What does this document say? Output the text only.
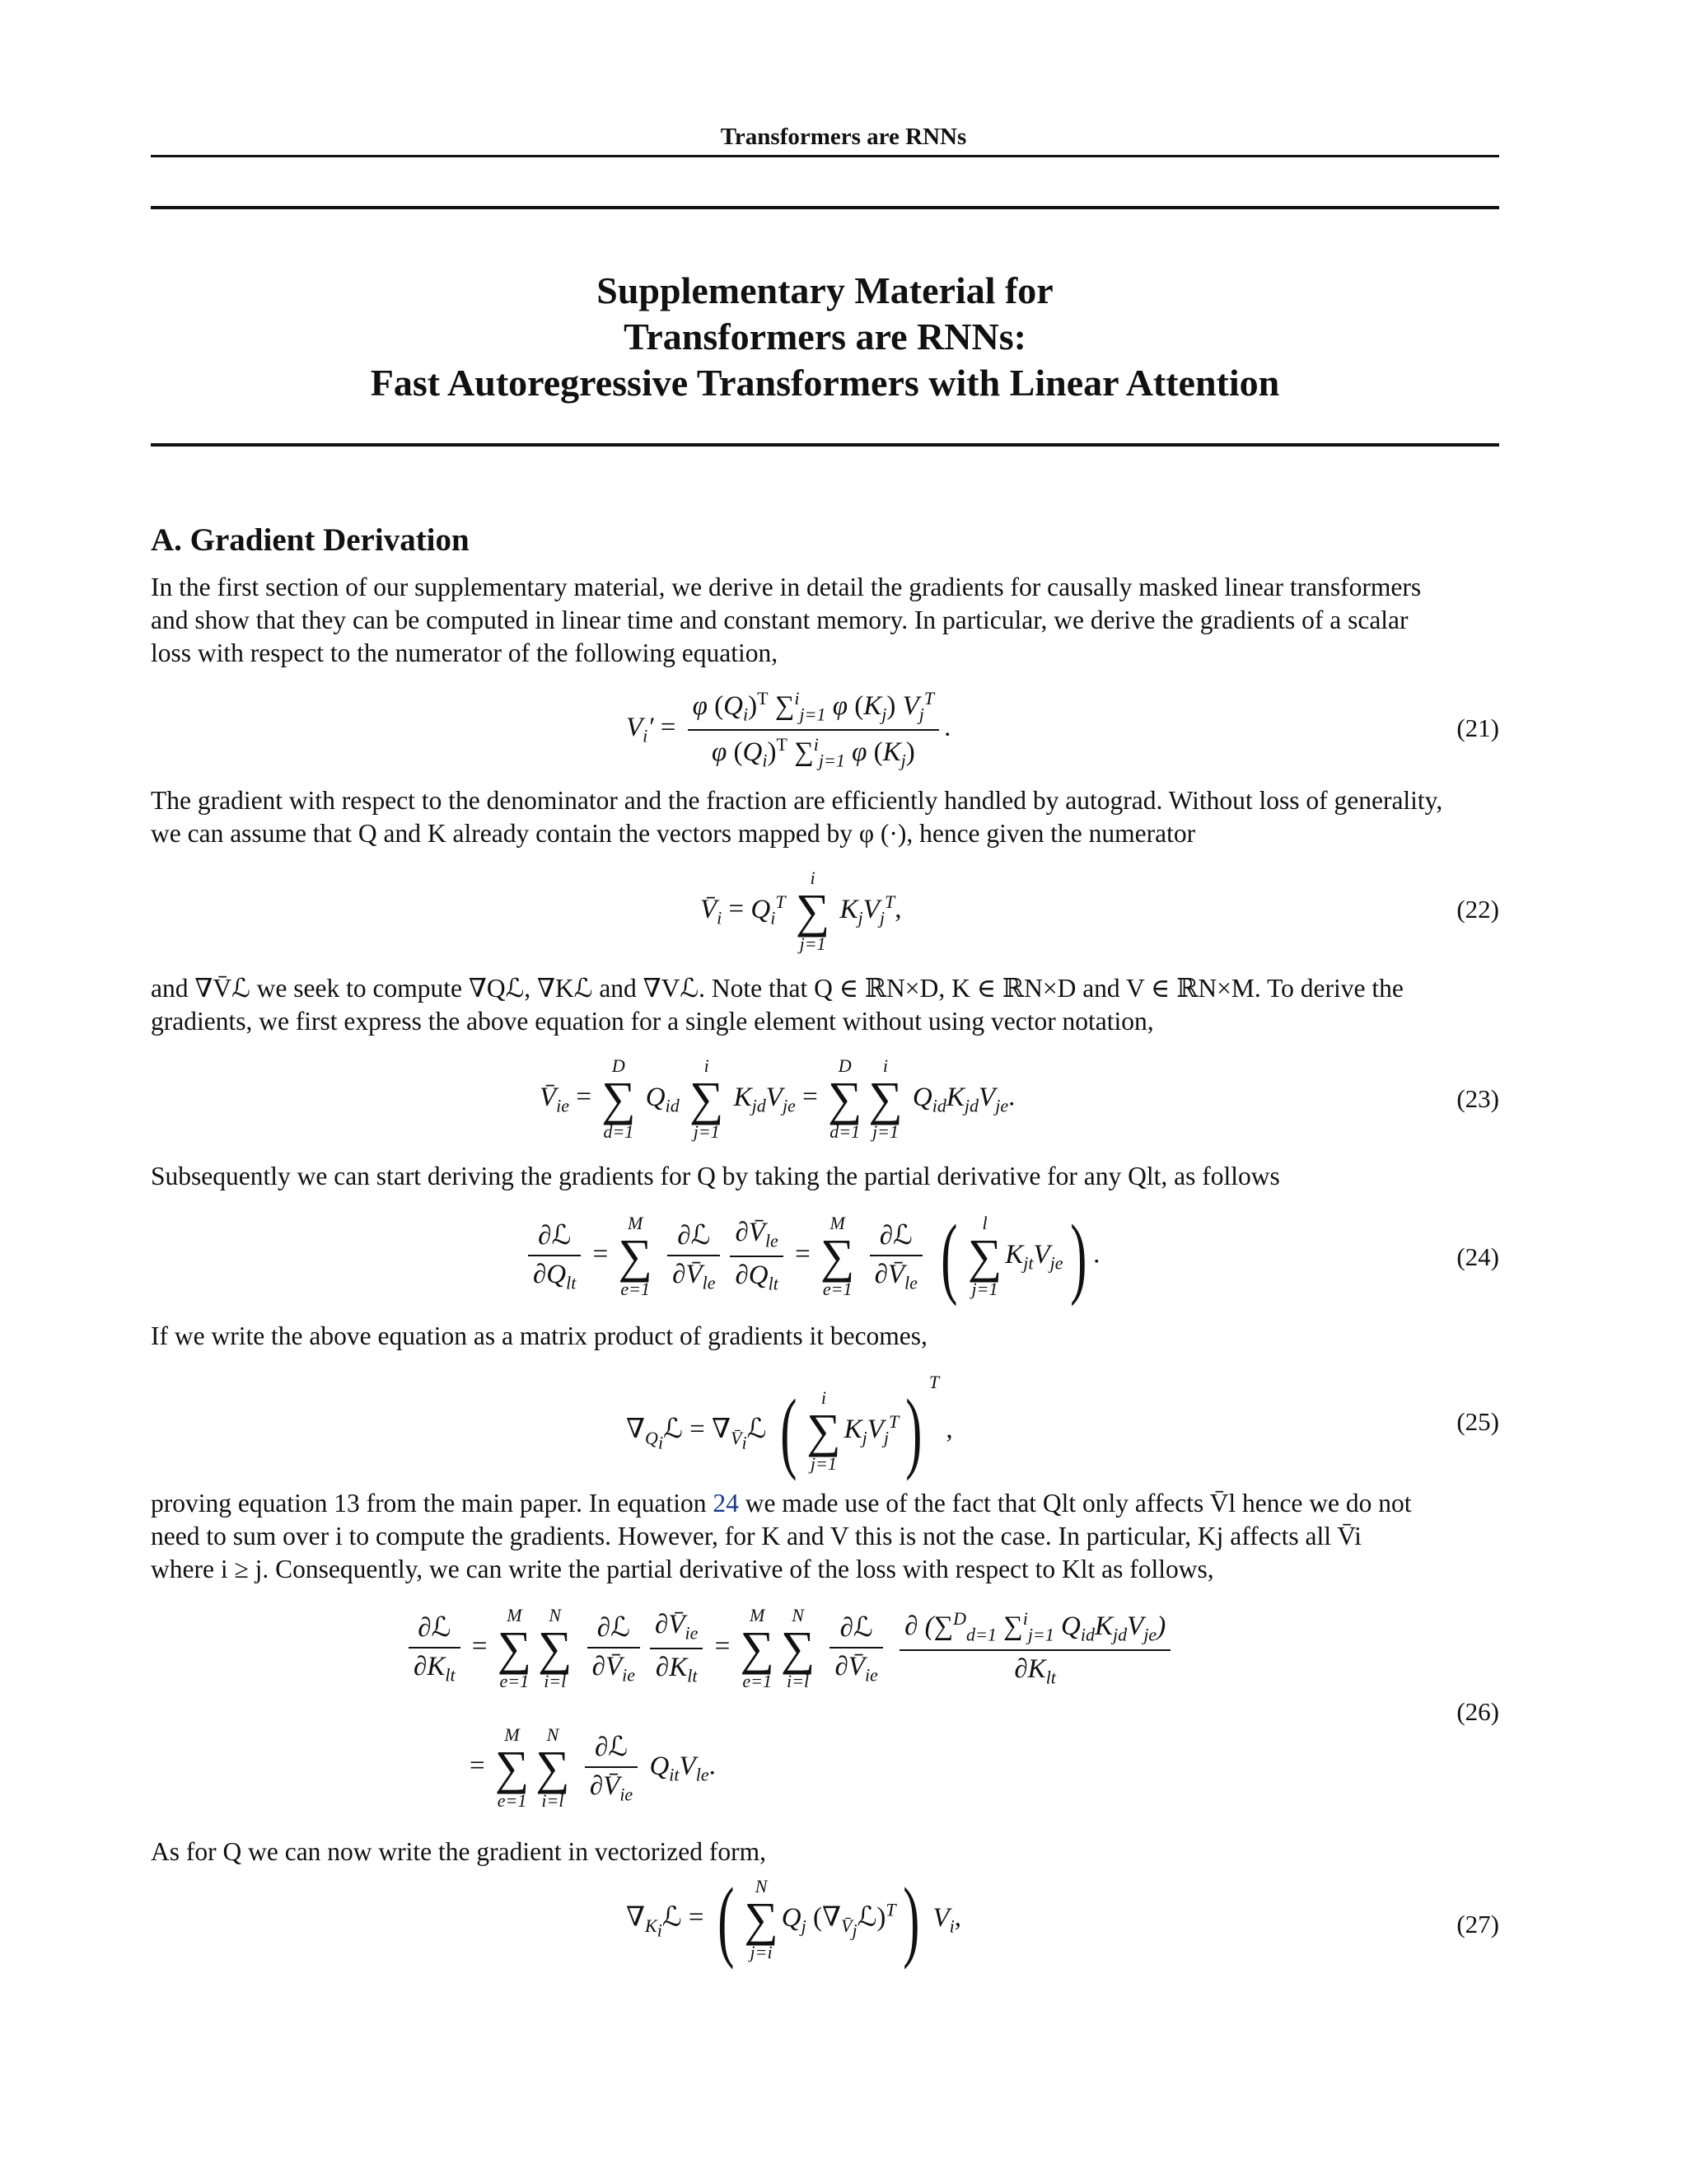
Transformers are RNNs
Supplementary Material for
Transformers are RNNs:
Fast Autoregressive Transformers with Linear Attention
A. Gradient Derivation
In the first section of our supplementary material, we derive in detail the gradients for causally masked linear transformers
and show that they can be computed in linear time and constant memory. In particular, we derive the gradients of a scalar
loss with respect to the numerator of the following equation,
$V_i' = \frac{\varphi (Q_i)^T \sum^i_{j=1} \varphi (K_j) V_j^T}{\varphi (Q_i)^T \sum^i_{j=1} \varphi (K_j)}$ .	(21)
The gradient with respect to the denominator and the fraction are efficiently handled by autograd. Without loss of generality,
we can assume that Q and K already contain the vectors mapped by φ (·), hence given the numerator
$V̄_i = Q_i^T$
i
∑
j=1
$K_jV_j^T$,	(22)
and ∇V̄ℒ we seek to compute ∇Qℒ, ∇Kℒ and ∇Vℒ. Note that Q ∈ ℝN×D, K ∈ ℝN×D and V ∈ ℝN×M. To derive the
gradients, we first express the above equation for a single element without using vector notation,
$V̄_{ie}$ =
D
∑
d=1
$Q_{id}$
i
∑
j=1
$K_{jd}V_{je}$ =
D
∑
d=1
i
∑
j=1
$Q_{id}K_{jd}V_{je}$.	(23)
Subsequently we can start deriving the gradients for Q by taking the partial derivative for any Qlt, as follows
$\frac{\text{∂ℒ}}{\partial Q_{lt}}$ =
M
∑
e=1
$\frac{\text{∂ℒ}}{\partial V̄_{le}} \frac{\partial V̄_{le}}{\partial Q_{lt}}$ =
M
∑
e=1
$\frac{\text{∂ℒ}}{\partial V̄_{le}}$ (	l
∑
j=1
$K_{jt}V_{je}$) .	(24)
If we write the above equation as a matrix product of gradients it becomes,
$\nabla_{Q_i}ℒ$ = $\nabla_{V̄_i}ℒ$ (	i
∑
j=1
$K_jV_j^T$) $^T$ ,	(25)
proving equation 13 from the main paper. In equation 24 we made use of the fact that Qlt only affects V̄l hence we do not
need to sum over i to compute the gradients. However, for K and V this is not the case. In particular, Kj affects all V̄i
where i ≥ j. Consequently, we can write the partial derivative of the loss with respect to Klt as follows,
$\frac{\text{∂ℒ}}{\partial K_{lt}}$ =
M
∑
e=1
N
∑
i=l
$\frac{\text{∂ℒ}}{\partial V̄_{ie}} \frac{\partial V̄_{ie}}{\partial K_{lt}}$ =
M
∑
e=1
N
∑
i=l
$\frac{\text{∂ℒ}}{\partial V̄_{ie}}$
$\frac{\partial (\sum^D_{d=1} \sum^i_{j=1} Q_{id}K_{jd}V_{je})}{\partial K_{lt}}$
=
M
∑
e=1
N
∑
i=l
$\frac{\text{∂ℒ}}{\partial V̄_{ie}} Q_{it}V_{le}$.
(26)
As for Q we can now write the gradient in vectorized form,
$\nabla_{K_i}ℒ$ = (	N
∑
j=i
$Q_j$ $(\nabla_{V̄_j}ℒ)^T$) $V_i$,	(27)
